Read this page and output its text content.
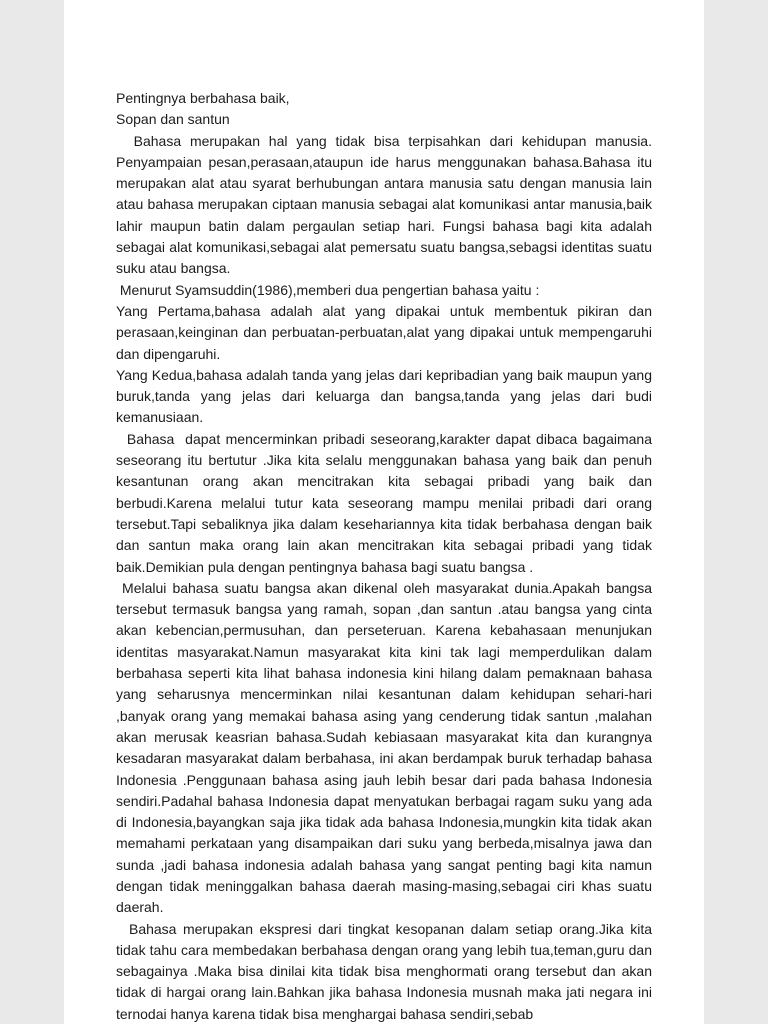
Pentingnya berbahasa baik,
Sopan dan santun
Bahasa merupakan hal yang tidak bisa terpisahkan dari kehidupan manusia. Penyampaian pesan,perasaan,ataupun ide harus menggunakan bahasa.Bahasa itu merupakan alat atau syarat berhubungan antara manusia satu dengan manusia lain atau bahasa merupakan ciptaan manusia sebagai alat komunikasi antar manusia,baik lahir maupun batin dalam pergaulan setiap hari. Fungsi bahasa bagi kita adalah sebagai alat komunikasi,sebagai alat pemersatu suatu bangsa,sebagsi identitas suatu suku atau bangsa.
Menurut Syamsuddin(1986),memberi dua pengertian bahasa yaitu :
Yang Pertama,bahasa adalah alat yang dipakai untuk membentuk pikiran dan perasaan,keinginan dan perbuatan-perbuatan,alat yang dipakai untuk mempengaruhi dan dipengaruhi.
Yang Kedua,bahasa adalah tanda yang jelas dari kepribadian yang baik maupun yang buruk,tanda yang jelas dari keluarga dan bangsa,tanda yang jelas dari budi kemanusiaan.
Bahasa  dapat mencerminkan pribadi seseorang,karakter dapat dibaca bagaimana seseorang itu bertutur .Jika kita selalu menggunakan bahasa yang baik dan penuh kesantunan orang akan mencitrakan kita sebagai pribadi yang baik dan berbudi.Karena melalui tutur kata seseorang mampu menilai pribadi dari orang tersebut.Tapi sebaliknya jika dalam kesehariannya kita tidak berbahasa dengan baik dan santun maka orang lain akan mencitrakan kita sebagai pribadi yang tidak baik.Demikian pula dengan pentingnya bahasa bagi suatu bangsa .
Melalui bahasa suatu bangsa akan dikenal oleh masyarakat dunia.Apakah bangsa tersebut termasuk bangsa yang ramah, sopan ,dan santun .atau bangsa yang cinta akan kebencian,permusuhan, dan perseteruan. Karena kebahasaan menunjukan identitas masyarakat.Namun masyarakat kita kini tak lagi memperdulikan dalam berbahasa seperti kita lihat bahasa indonesia kini hilang dalam pemaknaan bahasa yang seharusnya mencerminkan nilai kesantunan dalam kehidupan sehari-hari ,banyak orang yang memakai bahasa asing yang cenderung tidak santun ,malahan akan merusak keasrian bahasa.Sudah kebiasaan masyarakat kita dan kurangnya kesadaran masyarakat dalam berbahasa, ini akan berdampak buruk terhadap bahasa Indonesia .Penggunaan bahasa asing jauh lebih besar dari pada bahasa Indonesia sendiri.Padahal bahasa Indonesia dapat menyatukan berbagai ragam suku yang ada di Indonesia,bayangkan saja jika tidak ada bahasa Indonesia,mungkin kita tidak akan memahami perkataan yang disampaikan dari suku yang berbeda,misalnya jawa dan sunda ,jadi bahasa indonesia adalah bahasa yang sangat penting bagi kita namun dengan tidak meninggalkan bahasa daerah masing-masing,sebagai ciri khas suatu daerah.
Bahasa merupakan ekspresi dari tingkat kesopanan dalam setiap orang.Jika kita tidak tahu cara membedakan berbahasa dengan orang yang lebih tua,teman,guru dan sebagainya .Maka bisa dinilai kita tidak bisa menghormati orang tersebut dan akan tidak di hargai orang lain.Bahkan jika bahasa Indonesia musnah maka jati negara ini ternodai hanya karena tidak bisa menghargai bahasa sendiri,sebab
